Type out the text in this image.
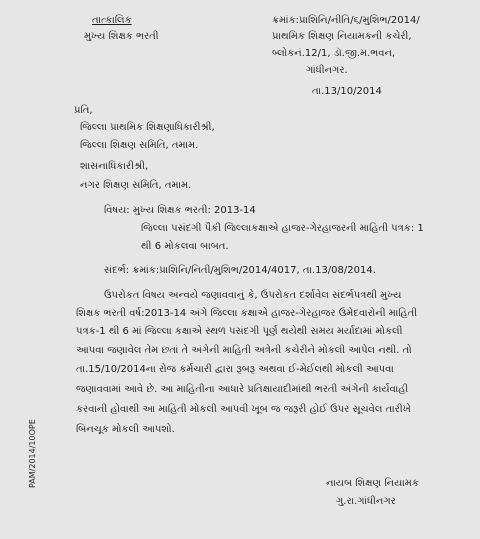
તાત્કાલિક
મુખ્ય શિક્ષક ભરતી
ક્રમાંક:પ્રાશિનિ/નીતિ/૬/મુશિભ/2014/
પ્રાથમિક શિક્ષણ નિયામકની કચેરી,
બ્લોકનં.12/1, ડૉ.જી.મ.ભવન,
ગાંધીનગર.
તા.13/10/2014
પ્રતિ,
જિલ્લા પ્રાથમિક શિક્ષણાધિકારીશ્રી,
જિલ્લા શિક્ષણ સમિતિ, તમામ.
શાસનાધિકારીશ્રી,
નગર શિક્ષણ સમિતિ, તમામ.
વિષય: મુખ્ય શિક્ષક ભરતી: 2013-14
જિલ્લા પસંદગી પૈકી જિલ્લાકક્ષાએ હાજર-ગેરહાજરની માહિતી પત્રક: 1
થી 6 મોકલવા બાબત.
સંદર્ભ: ક્રમાંક:પ્રાશિનિ/નિતી/મુશિભ/2014/4017, તા.13/08/2014.
ઉપરોકત વિષય અન્વયે જણાવવાનું કે, ઉપરોકત દર્શાવેલ સંદર્ભપત્રથી મુખ્ય
શિક્ષક ભરતી વર્ષ:2013-14 અંગે જિલ્લા કક્ષાએ હાજર-ગેરહાજર ઉમેદવારોની માહિતી
પત્રક-1 થી 6 માં જિલ્લા કક્ષાએ સ્થળ પસંદગી પૂર્ણ થયેથી સમય મર્યાદામાં મોકલી
આપવા જણાવેલ તેમ છતાં તે અંગેની માહિતી અત્રેની કચેરીને મોકલી આપેલ નથી. તો
તા.15/10/2014ના રોજ કર્મચારી દ્વારા રૂબરૂ અથવા ઈ-મેઈલથી મોકલી આપવા
જણાવવામાં આવે છે. આ માહિતીના આધારે પ્રતિક્ષાયાદીમાંથી ભરતી અંગેની કાર્યવાહી
કરવાની હોવાથી આ માહિતી મોકલી આપવી ખૂબ જ જરૂરી હોઈ ઉપર સૂચવેલ તારીખે
બિનચૂક મોકલી આપશો.
નાયબ શિક્ષણ નિયામક
ગુ.રા.ગાંધીનગર
PAM/2014/10OPE
